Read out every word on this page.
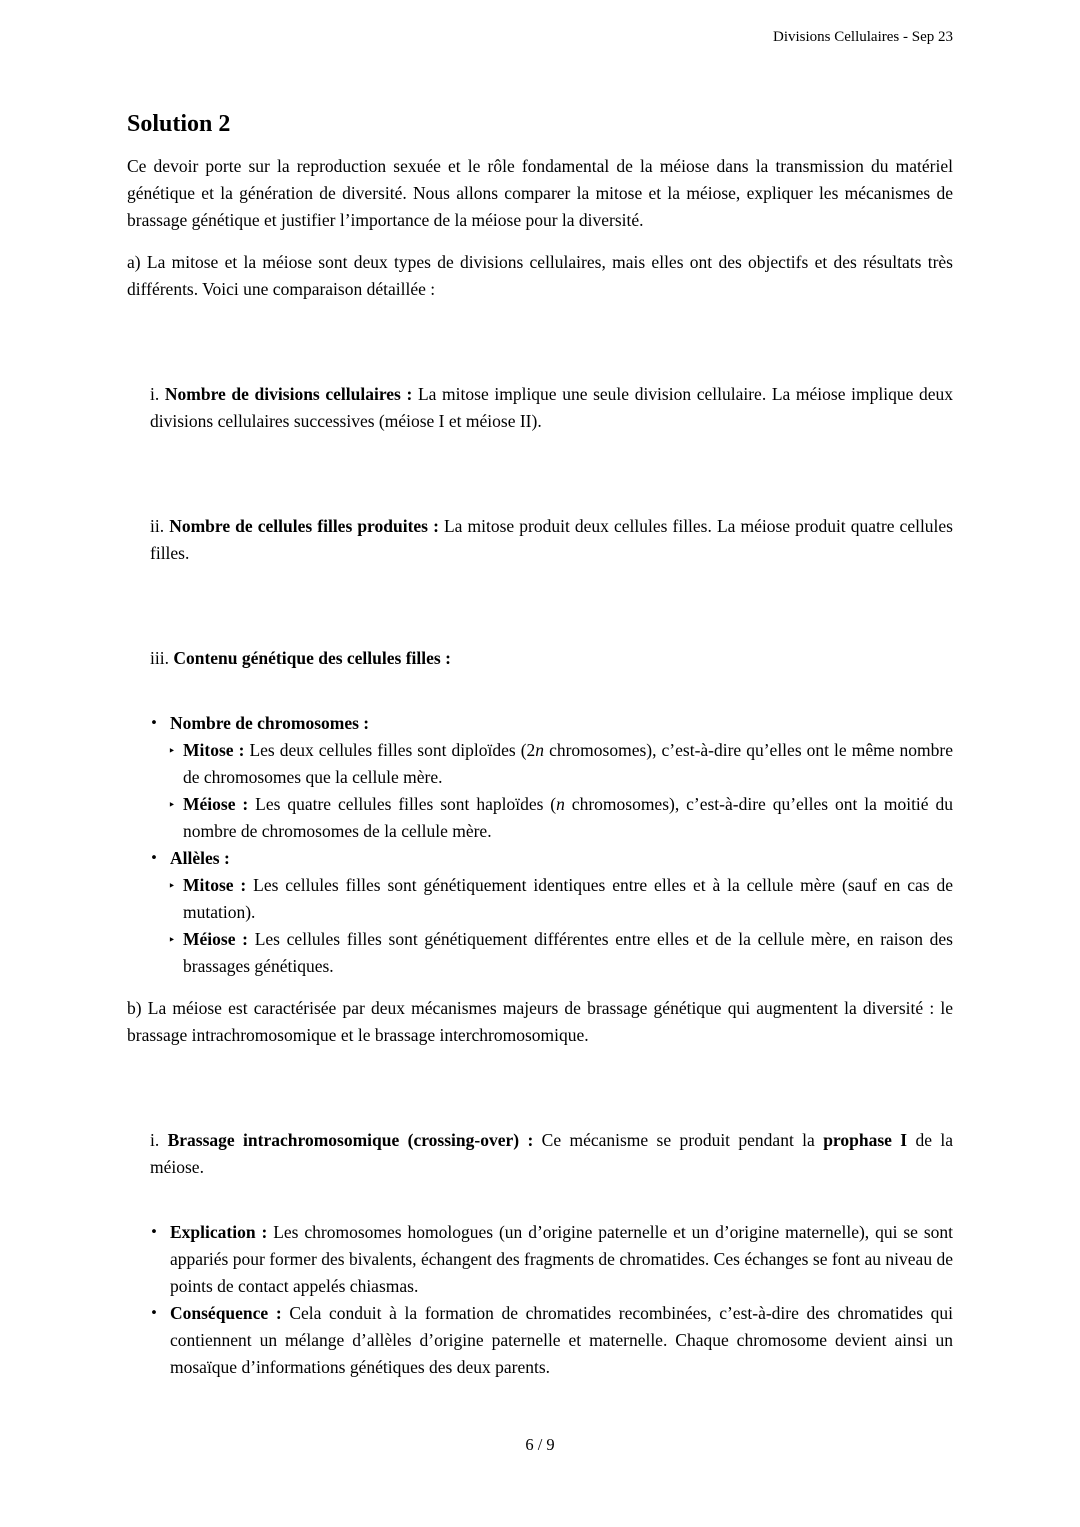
Divisions Cellulaires - Sep 23
Solution 2

Ce devoir porte sur la reproduction sexuée et le rôle fondamental de la méiose dans la transmission du matériel génétique et la génération de diversité. Nous allons comparer la mitose et la méiose, expliquer les mécanismes de brassage génétique et justifier l’importance de la méiose pour la diversité.

a) La mitose et la méiose sont deux types de divisions cellulaires, mais elles ont des objectifs et des résultats très différents. Voici une comparaison détaillée :

i. Nombre de divisions cellulaires : La mitose implique une seule division cellulaire. La méiose implique deux divisions cellulaires successives (méiose I et méiose II).
ii. Nombre de cellules filles produites : La mitose produit deux cellules filles. La méiose produit quatre cellules filles.
iii. Contenu génétique des cellules filles :
• Nombre de chromosomes :
‣ Mitose : Les deux cellules filles sont diploïdes (2n chromosomes), c’est-à-dire qu’elles ont le même nombre de chromosomes que la cellule mère.
‣ Méiose : Les quatre cellules filles sont haploïdes (n chromosomes), c’est-à-dire qu’elles ont la moitié du nombre de chromosomes de la cellule mère.
• Allèles :
‣ Mitose : Les cellules filles sont génétiquement identiques entre elles et à la cellule mère (sauf en cas de mutation).
‣ Méiose : Les cellules filles sont génétiquement différentes entre elles et de la cellule mère, en raison des brassages génétiques.

b) La méiose est caractérisée par deux mécanismes majeurs de brassage génétique qui augmentent la diversité : le brassage intrachromosomique et le brassage interchromosomique.

i. Brassage intrachromosomique (crossing-over) : Ce mécanisme se produit pendant la prophase I de la méiose.
• Explication : Les chromosomes homologues (un d’origine paternelle et un d’origine maternelle), qui se sont appariés pour former des bivalents, échangent des fragments de chromatides. Ces échanges se font au niveau de points de contact appelés chiasmas.
• Conséquence : Cela conduit à la formation de chromatides recombinées, c’est-à-dire des chromatides qui contiennent un mélange d’allèles d’origine paternelle et maternelle. Chaque chromosome devient ainsi un mosaïque d’informations génétiques des deux parents.
6 / 9
